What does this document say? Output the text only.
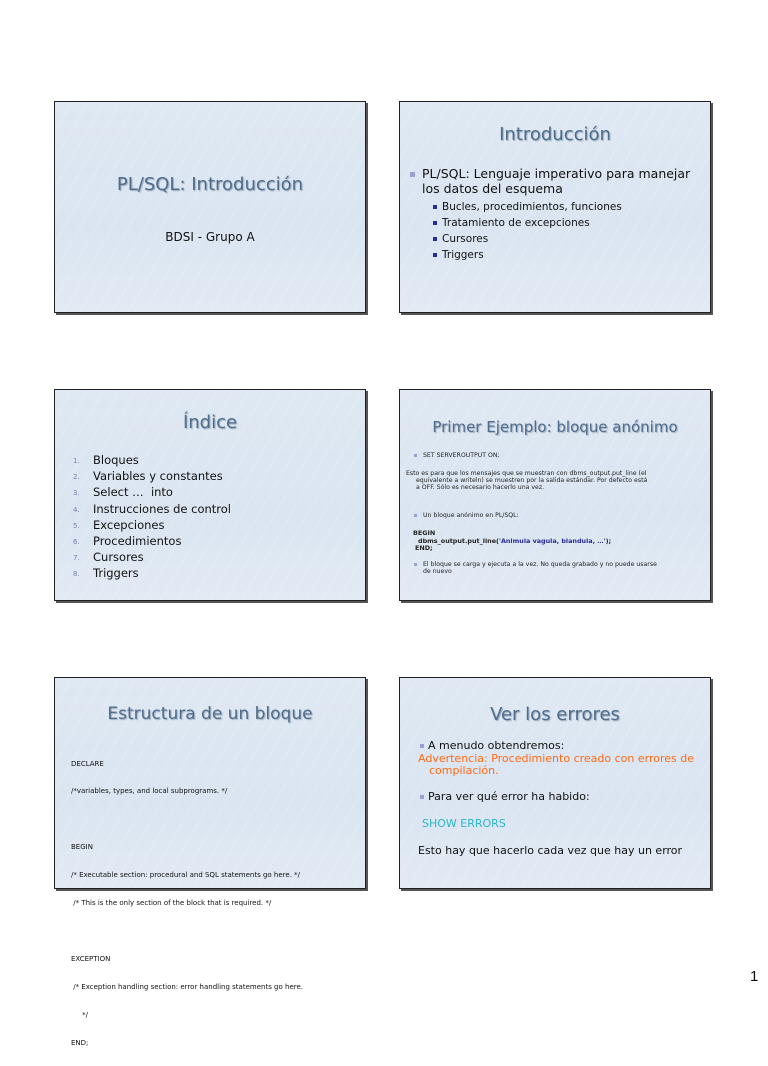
PL/SQL: Introducción
BDSI - Grupo A
Introducción
PL/SQL: Lenguaje imperativo para manejar los datos del esquema
Bucles, procedimientos, funciones
Tratamiento de excepciones
Cursores
Triggers
Índice
1. Bloques
2. Variables y constantes
3. Select …  into
4. Instrucciones de control
5. Excepciones
6. Procedimientos
7. Cursores
8. Triggers
Primer Ejemplo: bloque anónimo
SET SERVEROUTPUT ON;
Esto es para que los mensajes que se muestran con dbms_output.put_line (el
equivalente a writeln) se muestren por la salida estándar. Por defecto está
a OFF. Sólo es necesario hacerlo una vez.
Un bloque anónimo en PL/SQL:
BEGIN
dbms_output.put_line('Animula vagula, blandula, …');
END;
El bloque se carga y ejecuta a la vez. No queda grabado y no puede usarse
de nuevo
Estructura de un bloque

DECLARE

/*variables, types, and local subprograms. */

BEGIN

/* Executable section: procedural and SQL statements go here. */

/* This is the only section of the block that is required. */

EXCEPTION

/* Exception handling section: error handling statements go here.

*/

END;

Ver los errores
A menudo obtendremos:
Advertencia: Procedimiento creado con errores de
compilación.
Para ver qué error ha habido:
SHOW ERRORS
Esto hay que hacerlo cada vez que hay un error
1
